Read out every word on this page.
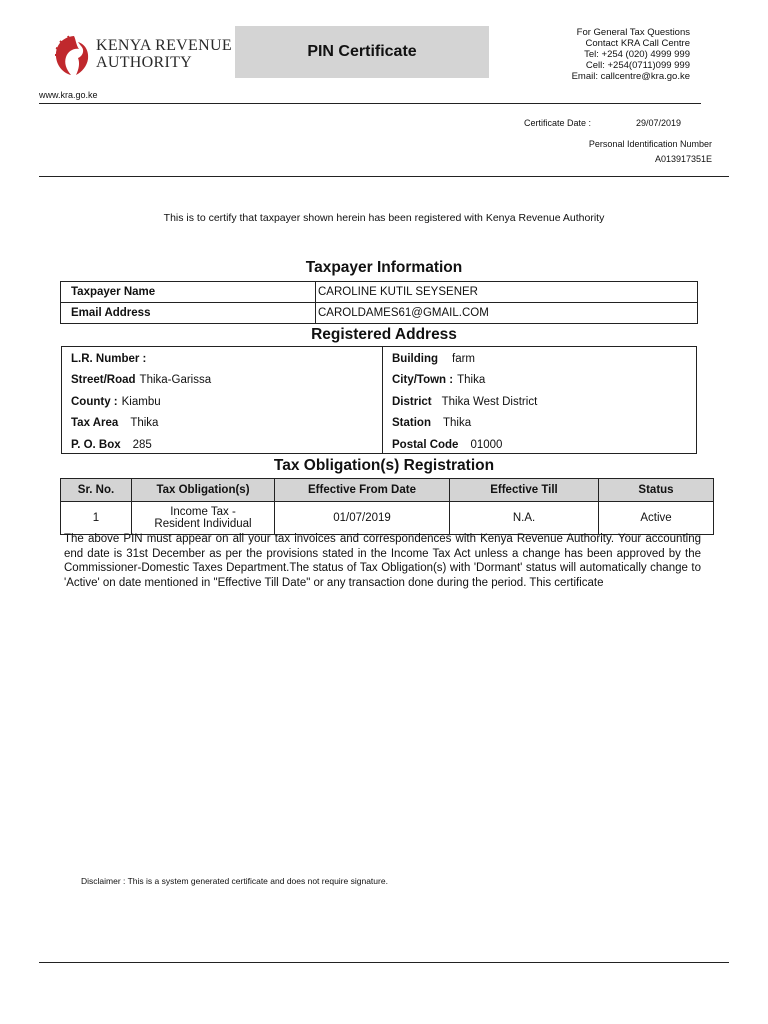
KENYA REVENUE
AUTHORITY
PIN Certificate
For General Tax Questions
Contact KRA Call Centre
Tel: +254 (020) 4999 999
Cell: +254(0711)099 999
Email: callcentre@kra.go.ke
www.kra.go.ke
Certificate Date :	29/07/2019
Personal Identification Number
A013917351E
This is to certify that taxpayer shown herein has been registered with Kenya Revenue Authority
Taxpayer Information
Taxpayer Name	CAROLINE KUTIL SEYSENER
Email Address	CAROLDAMES61@GMAIL.COM
Registered Address
L.R. Number :	Building farm
Street/Road Thika-Garissa	City/Town : Thika
County : Kiambu	District Thika West District
Tax Area Thika	Station Thika
P. O. Box 285	Postal Code 01000
Tax Obligation(s) Registration
Sr. No.	Tax Obligation(s)	Effective From Date	Effective Till	Status
1	Income Tax - Resident Individual	01/07/2019	N.A.	Active
The above PIN must appear on all your tax invoices and correspondences with Kenya Revenue Authority. Your accounting end date is 31st December as per the provisions stated in the Income Tax Act unless a change has been approved by the Commissioner-Domestic Taxes Department.The status of Tax Obligation(s) with 'Dormant' status will automatically change to 'Active' on date mentioned in "Effective Till Date" or any transaction done during the period. This certificate
Disclaimer : This is a system generated certificate and does not require signature.
